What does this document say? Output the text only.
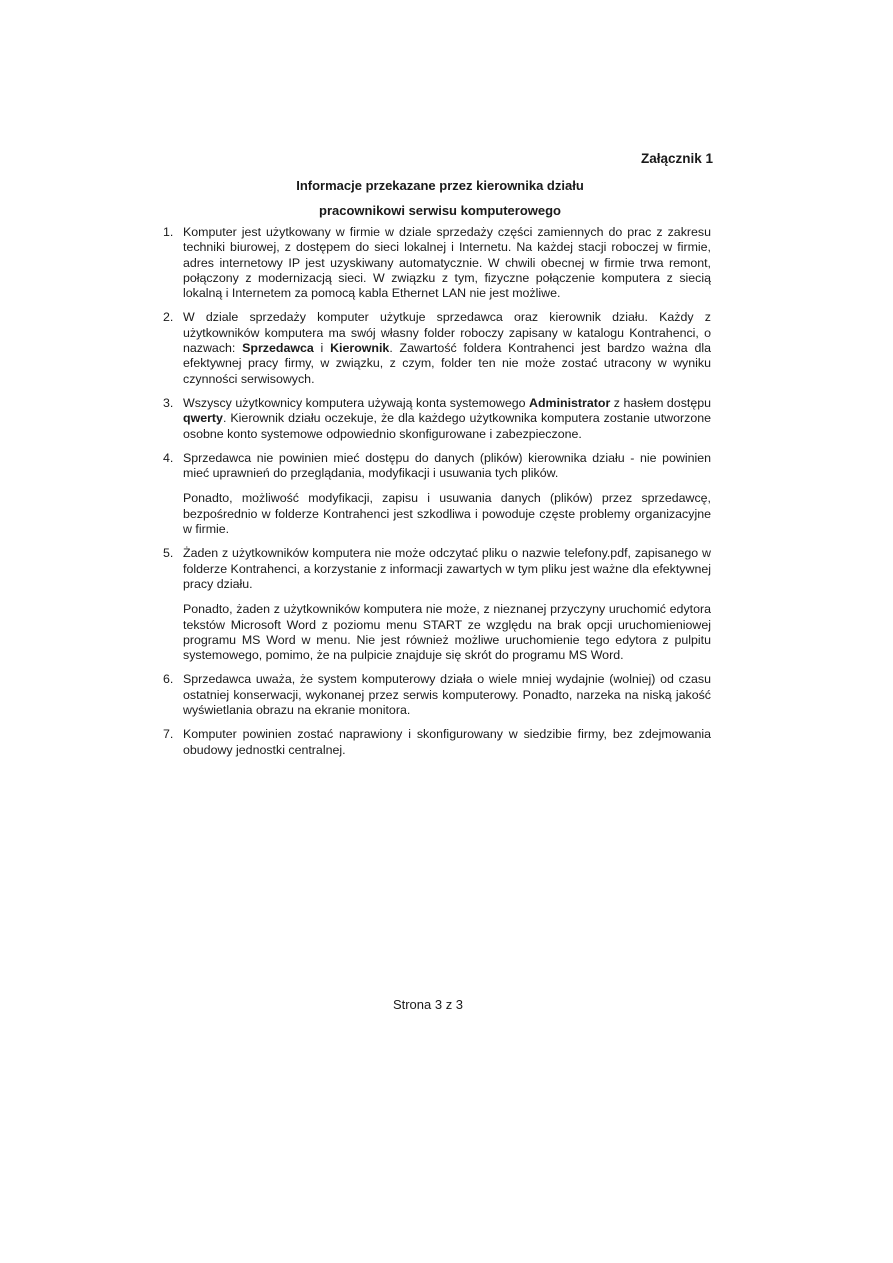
Załącznik 1
Informacje przekazane przez kierownika działu
pracownikowi serwisu komputerowego
1. Komputer jest użytkowany w firmie w dziale sprzedaży części zamiennych do prac z zakresu techniki biurowej, z dostępem do sieci lokalnej i Internetu. Na każdej stacji roboczej w firmie, adres internetowy IP jest uzyskiwany automatycznie. W chwili obecnej w firmie trwa remont, połączony z modernizacją sieci. W związku z tym, fizyczne połączenie komputera z siecią lokalną i Internetem za pomocą kabla Ethernet LAN nie jest możliwe.

2. W dziale sprzedaży komputer użytkuje sprzedawca oraz kierownik działu. Każdy z użytkowników komputera ma swój własny folder roboczy zapisany w katalogu Kontrahenci, o nazwach: Sprzedawca i Kierownik. Zawartość foldera Kontrahenci jest bardzo ważna dla efektywnej pracy firmy, w związku, z czym, folder ten nie może zostać utracony w wyniku czynności serwisowych.

3. Wszyscy użytkownicy komputera używają konta systemowego Administrator z hasłem dostępu qwerty. Kierownik działu oczekuje, że dla każdego użytkownika komputera zostanie utworzone osobne konto systemowe odpowiednio skonfigurowane i zabezpieczone.

4. Sprzedawca nie powinien mieć dostępu do danych (plików) kierownika działu - nie powinien mieć uprawnień do przeglądania, modyfikacji i usuwania tych plików.

Ponadto, możliwość modyfikacji, zapisu i usuwania danych (plików) przez sprzedawcę, bezpośrednio w folderze Kontrahenci jest szkodliwa i powoduje częste problemy organizacyjne w firmie.

5. Żaden z użytkowników komputera nie może odczytać pliku o nazwie telefony.pdf, zapisanego w folderze Kontrahenci, a korzystanie z informacji zawartych w tym pliku jest ważne dla efektywnej pracy działu.

Ponadto, żaden z użytkowników komputera nie może, z nieznanej przyczyny uruchomić edytora tekstów Microsoft Word z poziomu menu START ze względu na brak opcji uruchomieniowej programu MS Word w menu. Nie jest również możliwe uruchomienie tego edytora z pulpitu systemowego, pomimo, że na pulpicie znajduje się skrót do programu MS Word.

6. Sprzedawca uważa, że system komputerowy działa o wiele mniej wydajnie (wolniej) od czasu ostatniej konserwacji, wykonanej przez serwis komputerowy. Ponadto, narzeka na niską jakość wyświetlania obrazu na ekranie monitora.

7. Komputer powinien zostać naprawiony i skonfigurowany w siedzibie firmy, bez zdejmowania obudowy jednostki centralnej.

Strona 3 z 3
